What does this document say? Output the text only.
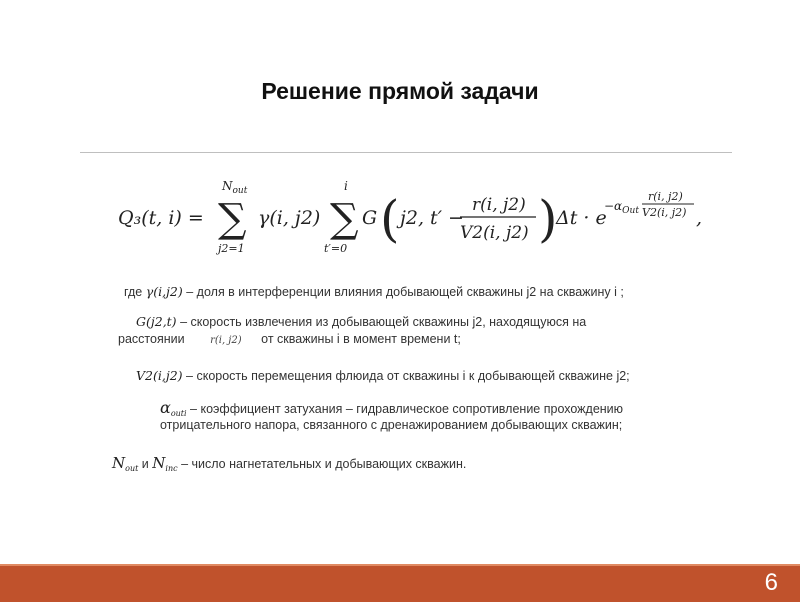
Решение прямой задачи
Q₃(t, i) = ∑
$N_{out}$
j2=1
γ(i, j2) ∑
i
t′=0
G ( j2, t′ −
r(i, j2)
V2(i, j2) )
Δt · e
$-\alpha_{Out}$
r(i, j2)
V2(i, j2) ,
где γ(i,j2) – доля в интерференции влияния добывающей скважины j2 на скважину i ;
G(j2,t) – скорость извлечения из добывающей скважины j2, находящуюся на
расстоянии	r(i, j2) от скважины i в момент времени t;
V2(i,j2) – скорость перемещения флюида от скважины i к добывающей скважине j2;
$\alpha_{outi}$ – коэффициент затухания – гидравлическое сопротивление прохождению
отрицательного напора, связанного с дренажированием добывающих скважин;
$N_{out}$ и $N_{inc}$ – число нагнетательных и добывающих скважин.
6
